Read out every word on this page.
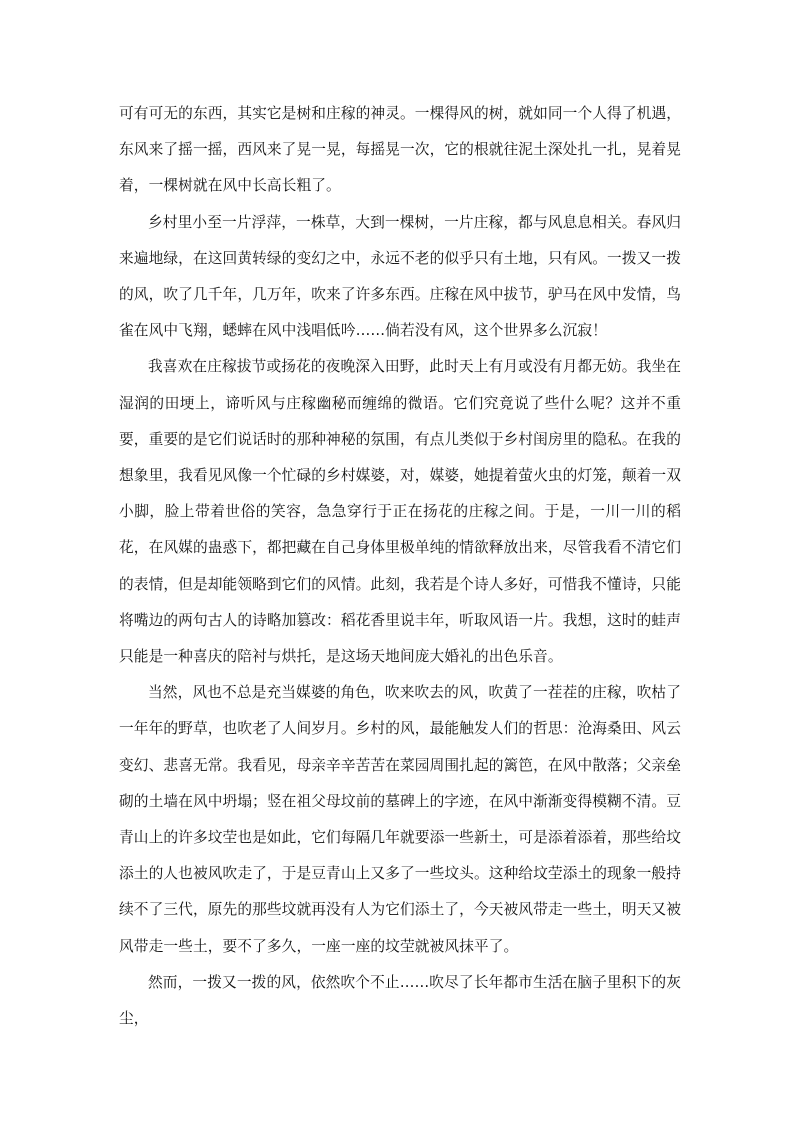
可有可无的东西，其实它是树和庄稼的神灵。一棵得风的树，就如同一个人得了机遇，东风来了摇一摇，西风来了晃一晃，每摇晃一次，它的根就往泥土深处扎一扎，晃着晃着，一棵树就在风中长高长粗了。

乡村里小至一片浮萍，一株草，大到一棵树，一片庄稼，都与风息息相关。春风归来遍地绿，在这回黄转绿的变幻之中，永远不老的似乎只有土地，只有风。一拨又一拨的风，吹了几千年，几万年，吹来了许多东西。庄稼在风中拔节，驴马在风中发情，鸟雀在风中飞翔，蟋蟀在风中浅唱低吟……倘若没有风，这个世界多么沉寂！

我喜欢在庄稼拔节或扬花的夜晚深入田野，此时天上有月或没有月都无妨。我坐在湿润的田埂上，谛听风与庄稼幽秘而缠绵的微语。它们究竟说了些什么呢？这并不重要，重要的是它们说话时的那种神秘的氛围，有点儿类似于乡村闺房里的隐私。在我的想象里，我看见风像一个忙碌的乡村媒婆，对，媒婆，她提着萤火虫的灯笼，颠着一双小脚，脸上带着世俗的笑容，急急穿行于正在扬花的庄稼之间。于是，一川一川的稻花，在风媒的蛊惑下，都把藏在自己身体里极单纯的情欲释放出来，尽管我看不清它们的表情，但是却能领略到它们的风情。此刻，我若是个诗人多好，可惜我不懂诗，只能将嘴边的两句古人的诗略加篡改：稻花香里说丰年，听取风语一片。我想，这时的蛙声只能是一种喜庆的陪衬与烘托，是这场天地间庞大婚礼的出色乐音。

当然，风也不总是充当媒婆的角色，吹来吹去的风，吹黄了一茬茬的庄稼，吹枯了一年年的野草，也吹老了人间岁月。乡村的风，最能触发人们的哲思：沧海桑田、风云变幻、悲喜无常。我看见，母亲辛辛苦苦在菜园周围扎起的篱笆，在风中散落；父亲垒砌的土墙在风中坍塌；竖在祖父母坟前的墓碑上的字迹，在风中渐渐变得模糊不清。豆青山上的许多坟茔也是如此，它们每隔几年就要添一些新土，可是添着添着，那些给坟添土的人也被风吹走了，于是豆青山上又多了一些坟头。这种给坟茔添土的现象一般持续不了三代，原先的那些坟就再没有人为它们添土了，今天被风带走一些土，明天又被风带走一些土，要不了多久，一座一座的坟茔就被风抹平了。

然而，一拨又一拨的风，依然吹个不止……吹尽了长年都市生活在脑子里积下的灰尘，
